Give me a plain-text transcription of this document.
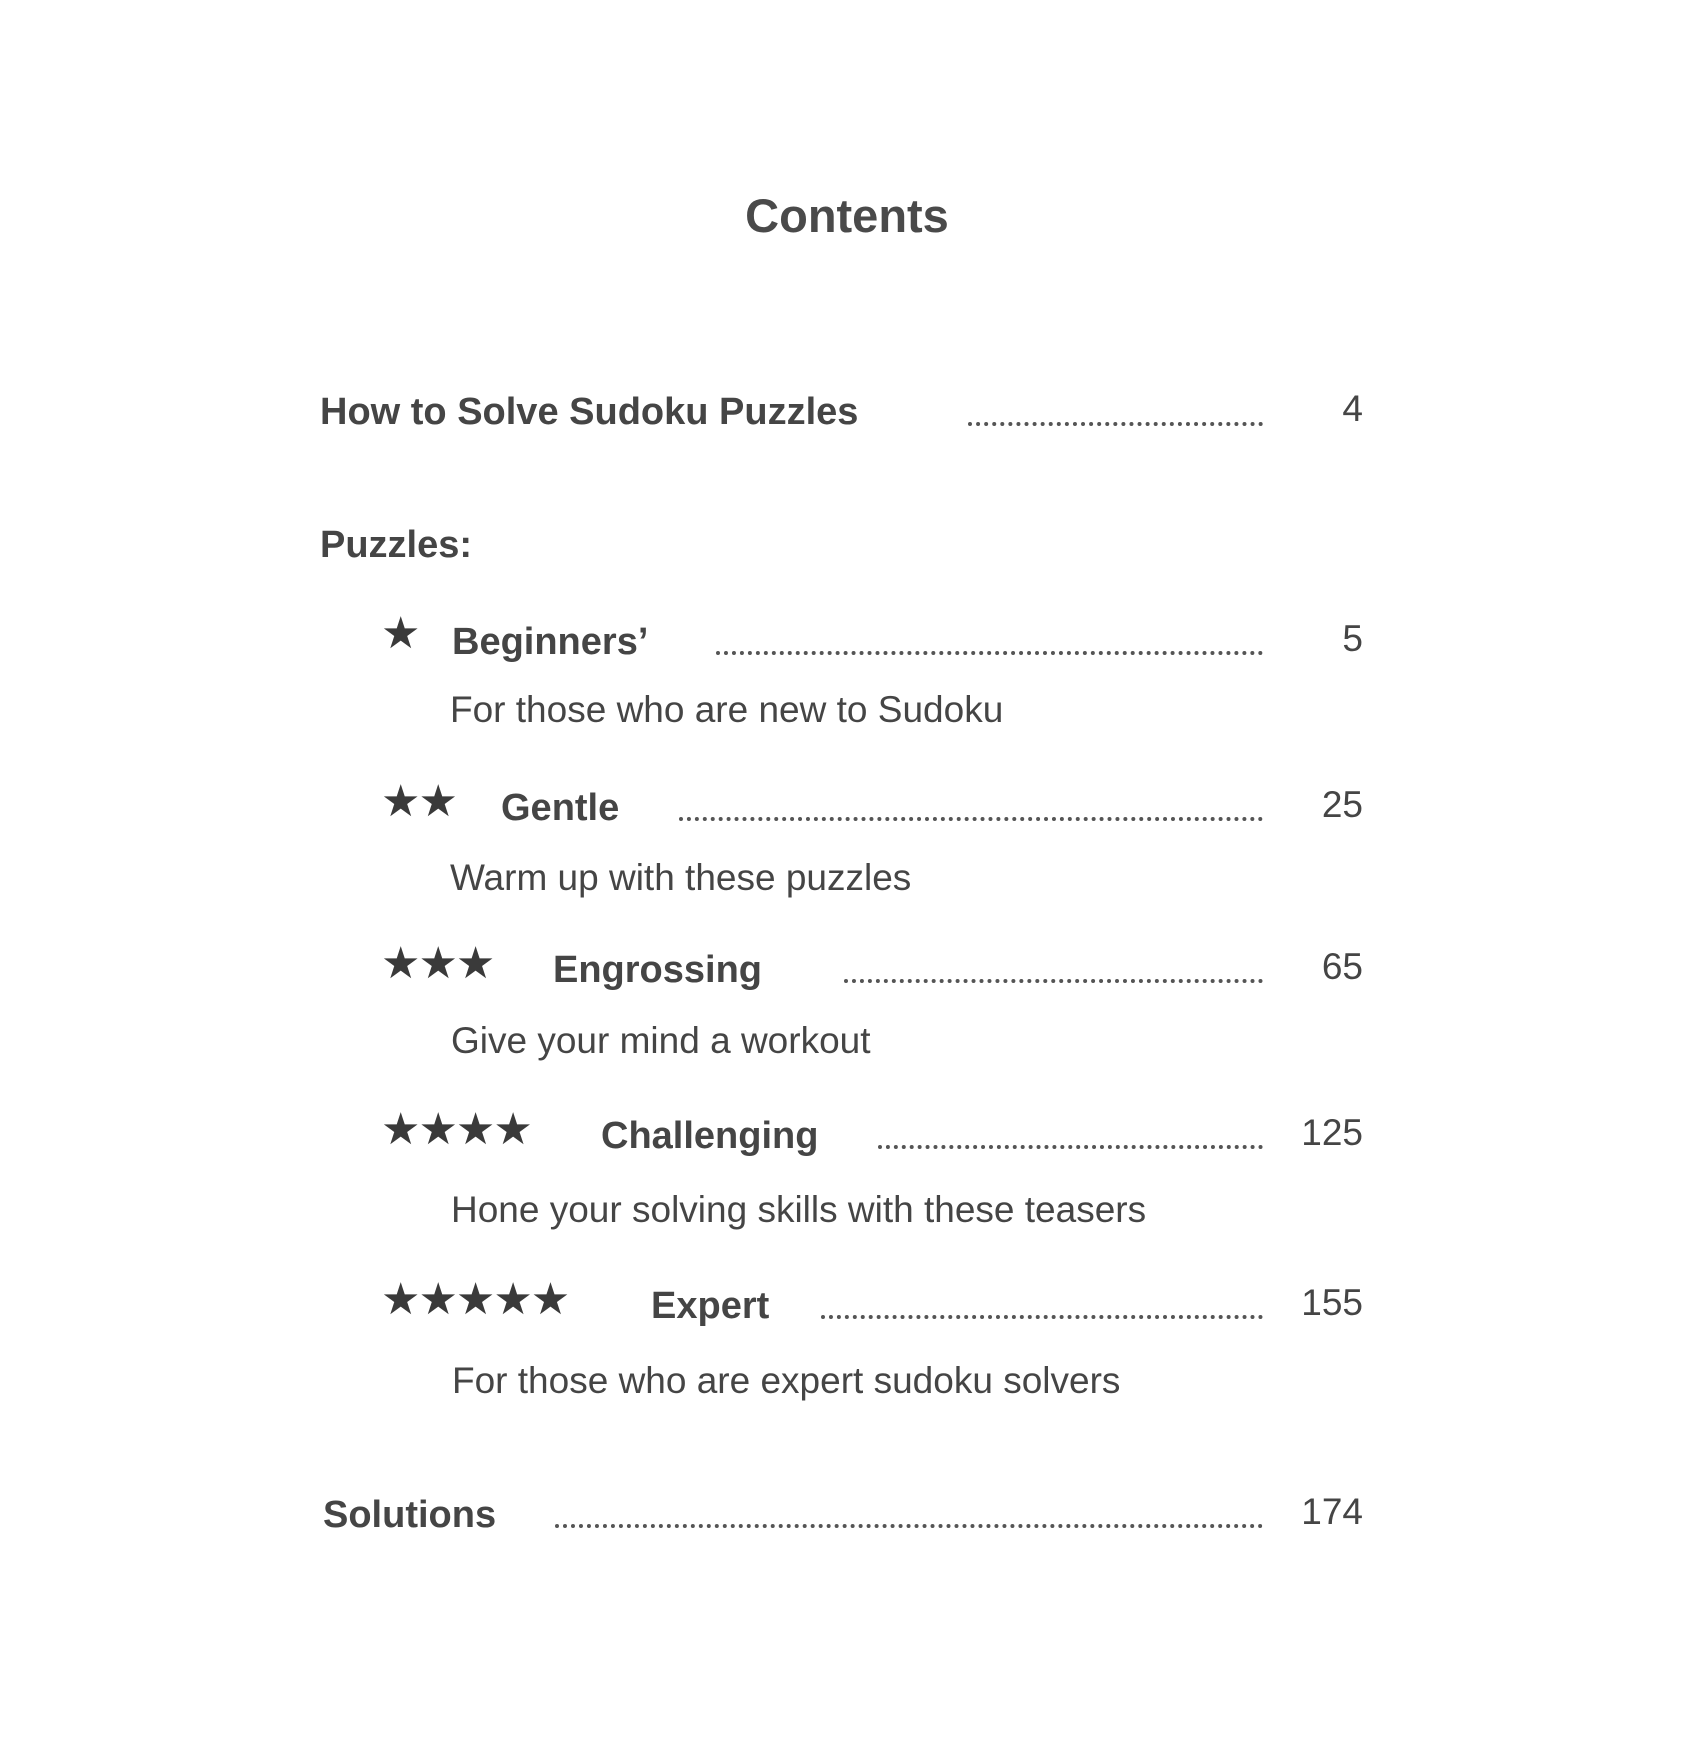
Contents
How to Solve Sudoku Puzzles	4
Puzzles:
★ Beginners’	5
For those who are new to Sudoku
★★ Gentle	25
Warm up with these puzzles
★★★ Engrossing	65
Give your mind a workout
★★★★ Challenging	125
Hone your solving skills with these teasers
★★★★★ Expert	155
For those who are expert sudoku solvers
Solutions	174
